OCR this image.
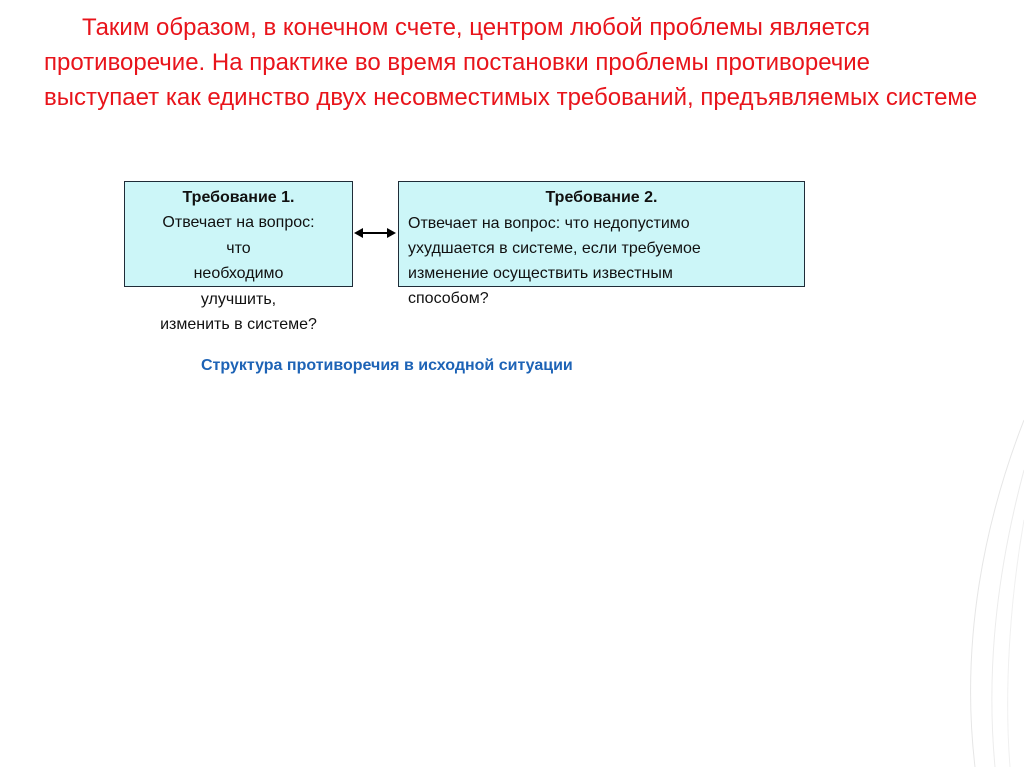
Таким образом, в конечном счете, центром любой проблемы является противоречие. На практике во время постановки проблемы противоречие выступает как единство двух несовместимых требований, предъявляемых системе

Требование 1.
Отвечает на вопрос:
что
необходимо
улучшить,
изменить в системе?
Требование 2.
Отвечает на вопрос: что недопустимо
ухудшается в системе, если требуемое
изменение осуществить известным
способом?
Структура противоречия в исходной ситуации
